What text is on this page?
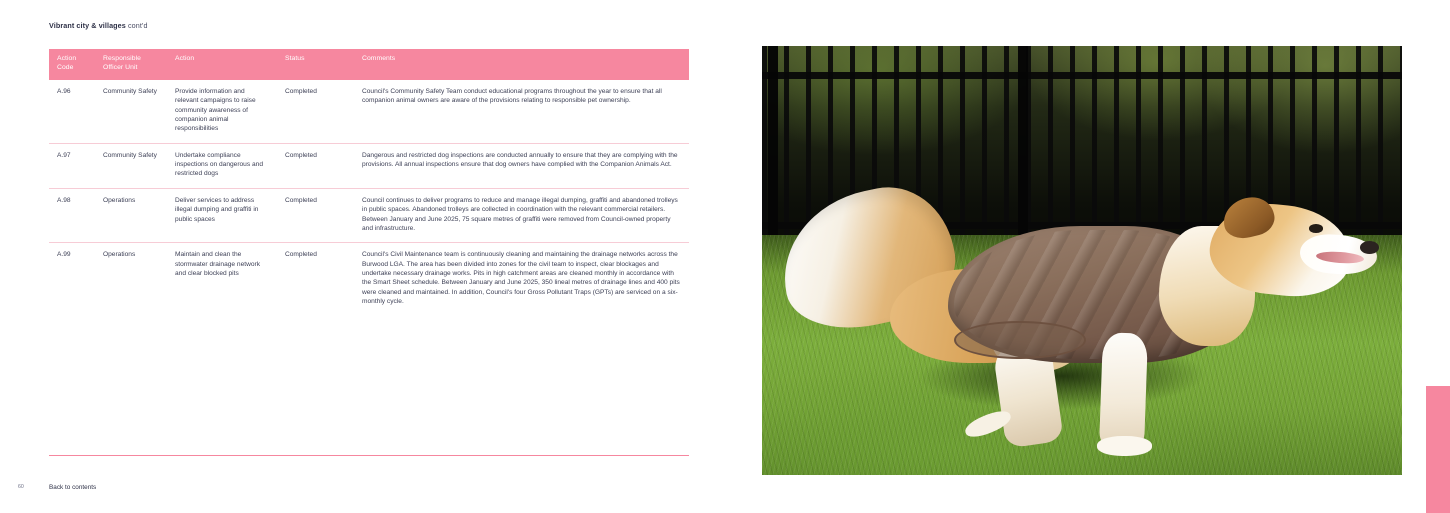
Vibrant city & villages cont'd
Action Code	Responsible Officer Unit	Action	Status	Comments
A.96	Community Safety	Provide information and relevant campaigns to raise community awareness of companion animal responsibilities	Completed	Council's Community Safety Team conduct educational programs throughout the year to ensure that all companion animal owners are aware of the provisions relating to responsible pet ownership.
A.97	Community Safety	Undertake compliance inspections on dangerous and restricted dogs	Completed	Dangerous and restricted dog inspections are conducted annually to ensure that they are complying with the provisions. All annual inspections ensure that dog owners have complied with the Companion Animals Act.
A.98	Operations	Deliver services to address illegal dumping and graffiti in public spaces	Completed	Council continues to deliver programs to reduce and manage illegal dumping, graffiti and abandoned trolleys in public spaces. Abandoned trolleys are collected in coordination with the relevant commercial retailers. Between January and June 2025, 75 square metres of graffiti were removed from Council-owned property and infrastructure.
A.99	Operations	Maintain and clean the stormwater drainage network and clear blocked pits	Completed	Council's Civil Maintenance team is continuously cleaning and maintaining the drainage networks across the Burwood LGA. The area has been divided into zones for the civil team to inspect, clear blockages and undertake necessary drainage works. Pits in high catchment areas are cleaned monthly in accordance with the Smart Sheet schedule. Between January and June 2025, 350 lineal metres of drainage lines and 400 pits were cleaned and maintained. In addition, Council's four Gross Pollutant Traps (GPTs) are serviced on a six-monthly cycle.
60	Back to contents
